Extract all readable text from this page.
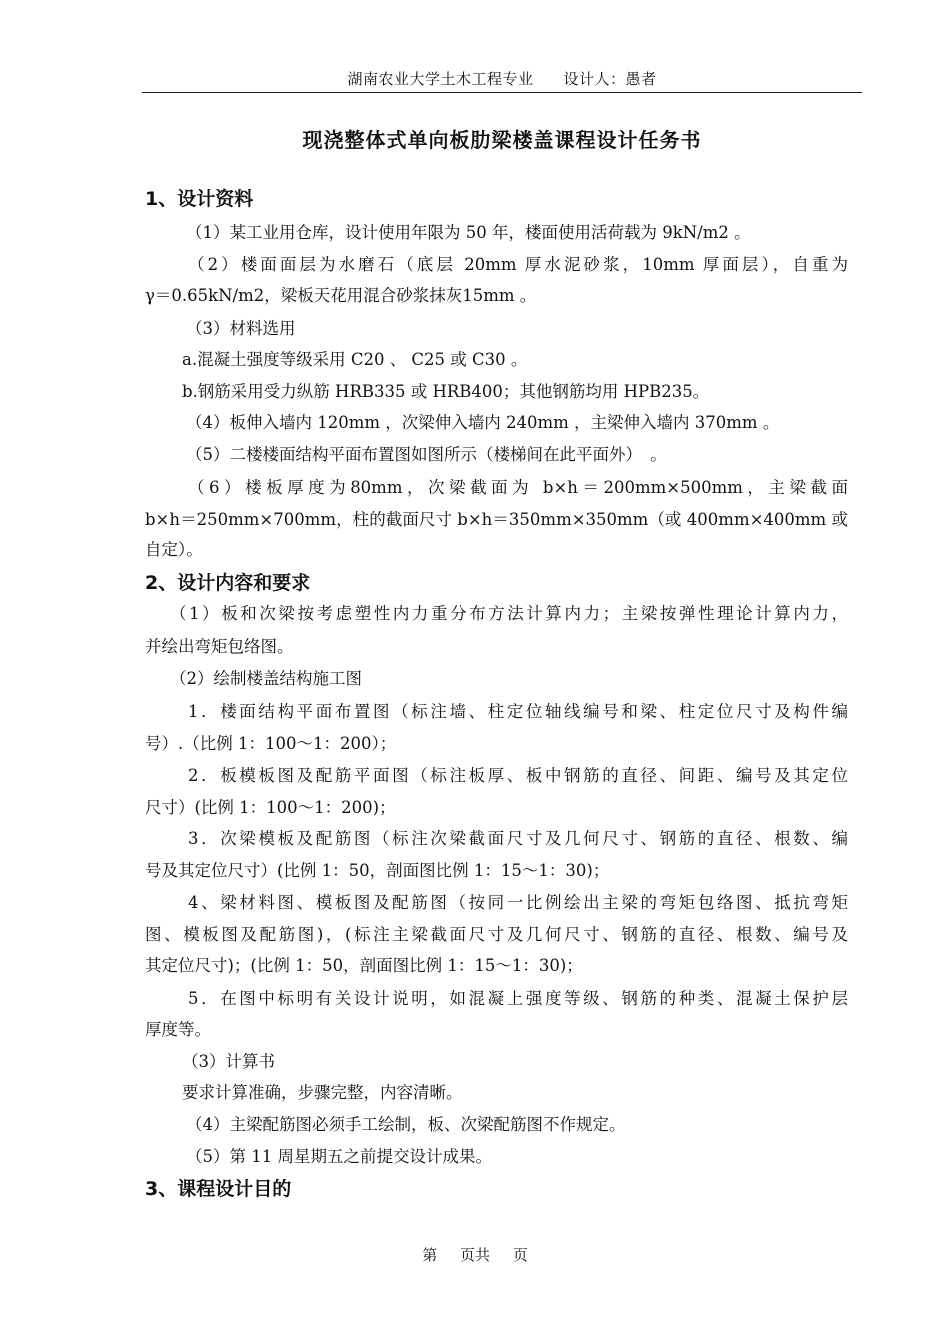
湖南农业大学土木工程专业 设计人：愚者
现浇整体式单向板肋梁楼盖课程设计任务书
1、设计资料
（1）某工业用仓库，设计使用年限为 50 年，楼面使用活荷载为 9kN/m2 。
（2）楼面面层为水磨石（底层 20mm 厚水泥砂浆，10mm 厚面层），自重为
γ＝0.65kN/m2，梁板天花用混合砂浆抹灰15mm 。
（3）材料选用
a.混凝土强度等级采用 C20 、 C25 或 C30 。
b.钢筋采用受力纵筋 HRB335 或 HRB400；其他钢筋均用 HPB235。
（4）板伸入墙内 120mm ，次梁伸入墙内 240mm ，主梁伸入墙内 370mm 。
（5）二楼楼面结构平面布置图如图所示（楼梯间在此平面外）　。
（6）楼板厚度为80mm，次梁截面为 b×h＝200mm×500mm，主梁截面
b×h＝250mm×700mm，柱的截面尺寸 b×h＝350mm×350mm（或 400mm×400mm 或
自定）。
2、设计内容和要求
（1）板和次梁按考虑塑性内力重分布方法计算内力；主梁按弹性理论计算内力，
并绘出弯矩包络图。
（2）绘制楼盖结构施工图
1．楼面结构平面布置图（标注墙、柱定位轴线编号和梁、柱定位尺寸及构件编
号）.（比例 1：100～1：200）；
2．板模板图及配筋平面图（标注板厚、板中钢筋的直径、间距、编号及其定位
尺寸）(比例 1：100～1：200)；
3．次梁模板及配筋图（标注次梁截面尺寸及几何尺寸、钢筋的直径、根数、编
号及其定位尺寸）(比例 1：50，剖面图比例 1：15～1：30)；
4、梁材料图、模板图及配筋图（按同一比例绘出主梁的弯矩包络图、抵抗弯矩
图、模板图及配筋图)，(标注主梁截面尺寸及几何尺寸、钢筋的直径、根数、编号及
其定位尺寸)；(比例 1：50，剖面图比例 1：15～1：30)；
5．在图中标明有关设计说明，如混凝上强度等级、钢筋的种类、混凝土保护层
厚度等。
（3）计算书
要求计算准确，步骤完整，内容清晰。
（4）主梁配筋图必须手工绘制，板、次梁配筋图不作规定。
（5）第 11 周星期五之前提交设计成果。
3、课程设计目的
第 页共 页
